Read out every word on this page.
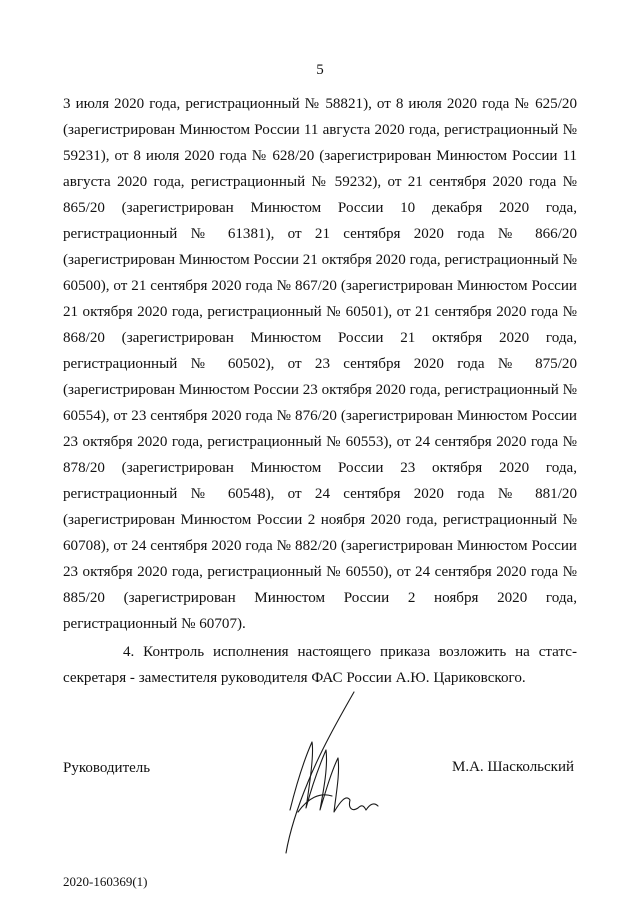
5

3 июля 2020 года, регистрационный № 58821), от 8 июля 2020 года № 625/20 (зарегистрирован Минюстом России 11 августа 2020 года, регистрационный № 59231), от 8 июля 2020 года № 628/20 (зарегистрирован Минюстом России 11 августа 2020 года, регистрационный № 59232), от 21 сентября 2020 года № 865/20 (зарегистрирован Минюстом России 10 декабря 2020 года, регистрационный № 61381), от 21 сентября 2020 года № 866/20 (зарегистрирован Минюстом России 21 октября 2020 года, регистрационный № 60500), от 21 сентября 2020 года № 867/20 (зарегистрирован Минюстом России 21 октября 2020 года, регистрационный № 60501), от 21 сентября 2020 года № 868/20 (зарегистрирован Минюстом России 21 октября 2020 года, регистрационный № 60502), от 23 сентября 2020 года № 875/20 (зарегистрирован Минюстом России 23 октября 2020 года, регистрационный № 60554), от 23 сентября 2020 года № 876/20 (зарегистрирован Минюстом России 23 октября 2020 года, регистрационный № 60553), от 24 сентября 2020 года № 878/20 (зарегистрирован Минюстом России 23 октября 2020 года, регистрационный № 60548), от 24 сентября 2020 года № 881/20 (зарегистрирован Минюстом России 2 ноября 2020 года, регистрационный № 60708), от 24 сентября 2020 года № 882/20 (зарегистрирован Минюстом России 23 октября 2020 года, регистрационный № 60550), от 24 сентября 2020 года № 885/20 (зарегистрирован Минюстом России 2 ноября 2020 года, регистрационный № 60707).

4. Контроль исполнения настоящего приказа возложить на статс-секретаря - заместителя руководителя ФАС России А.Ю. Цариковского.

Руководитель	М.А. Шаскольский
2020-160369(1)
